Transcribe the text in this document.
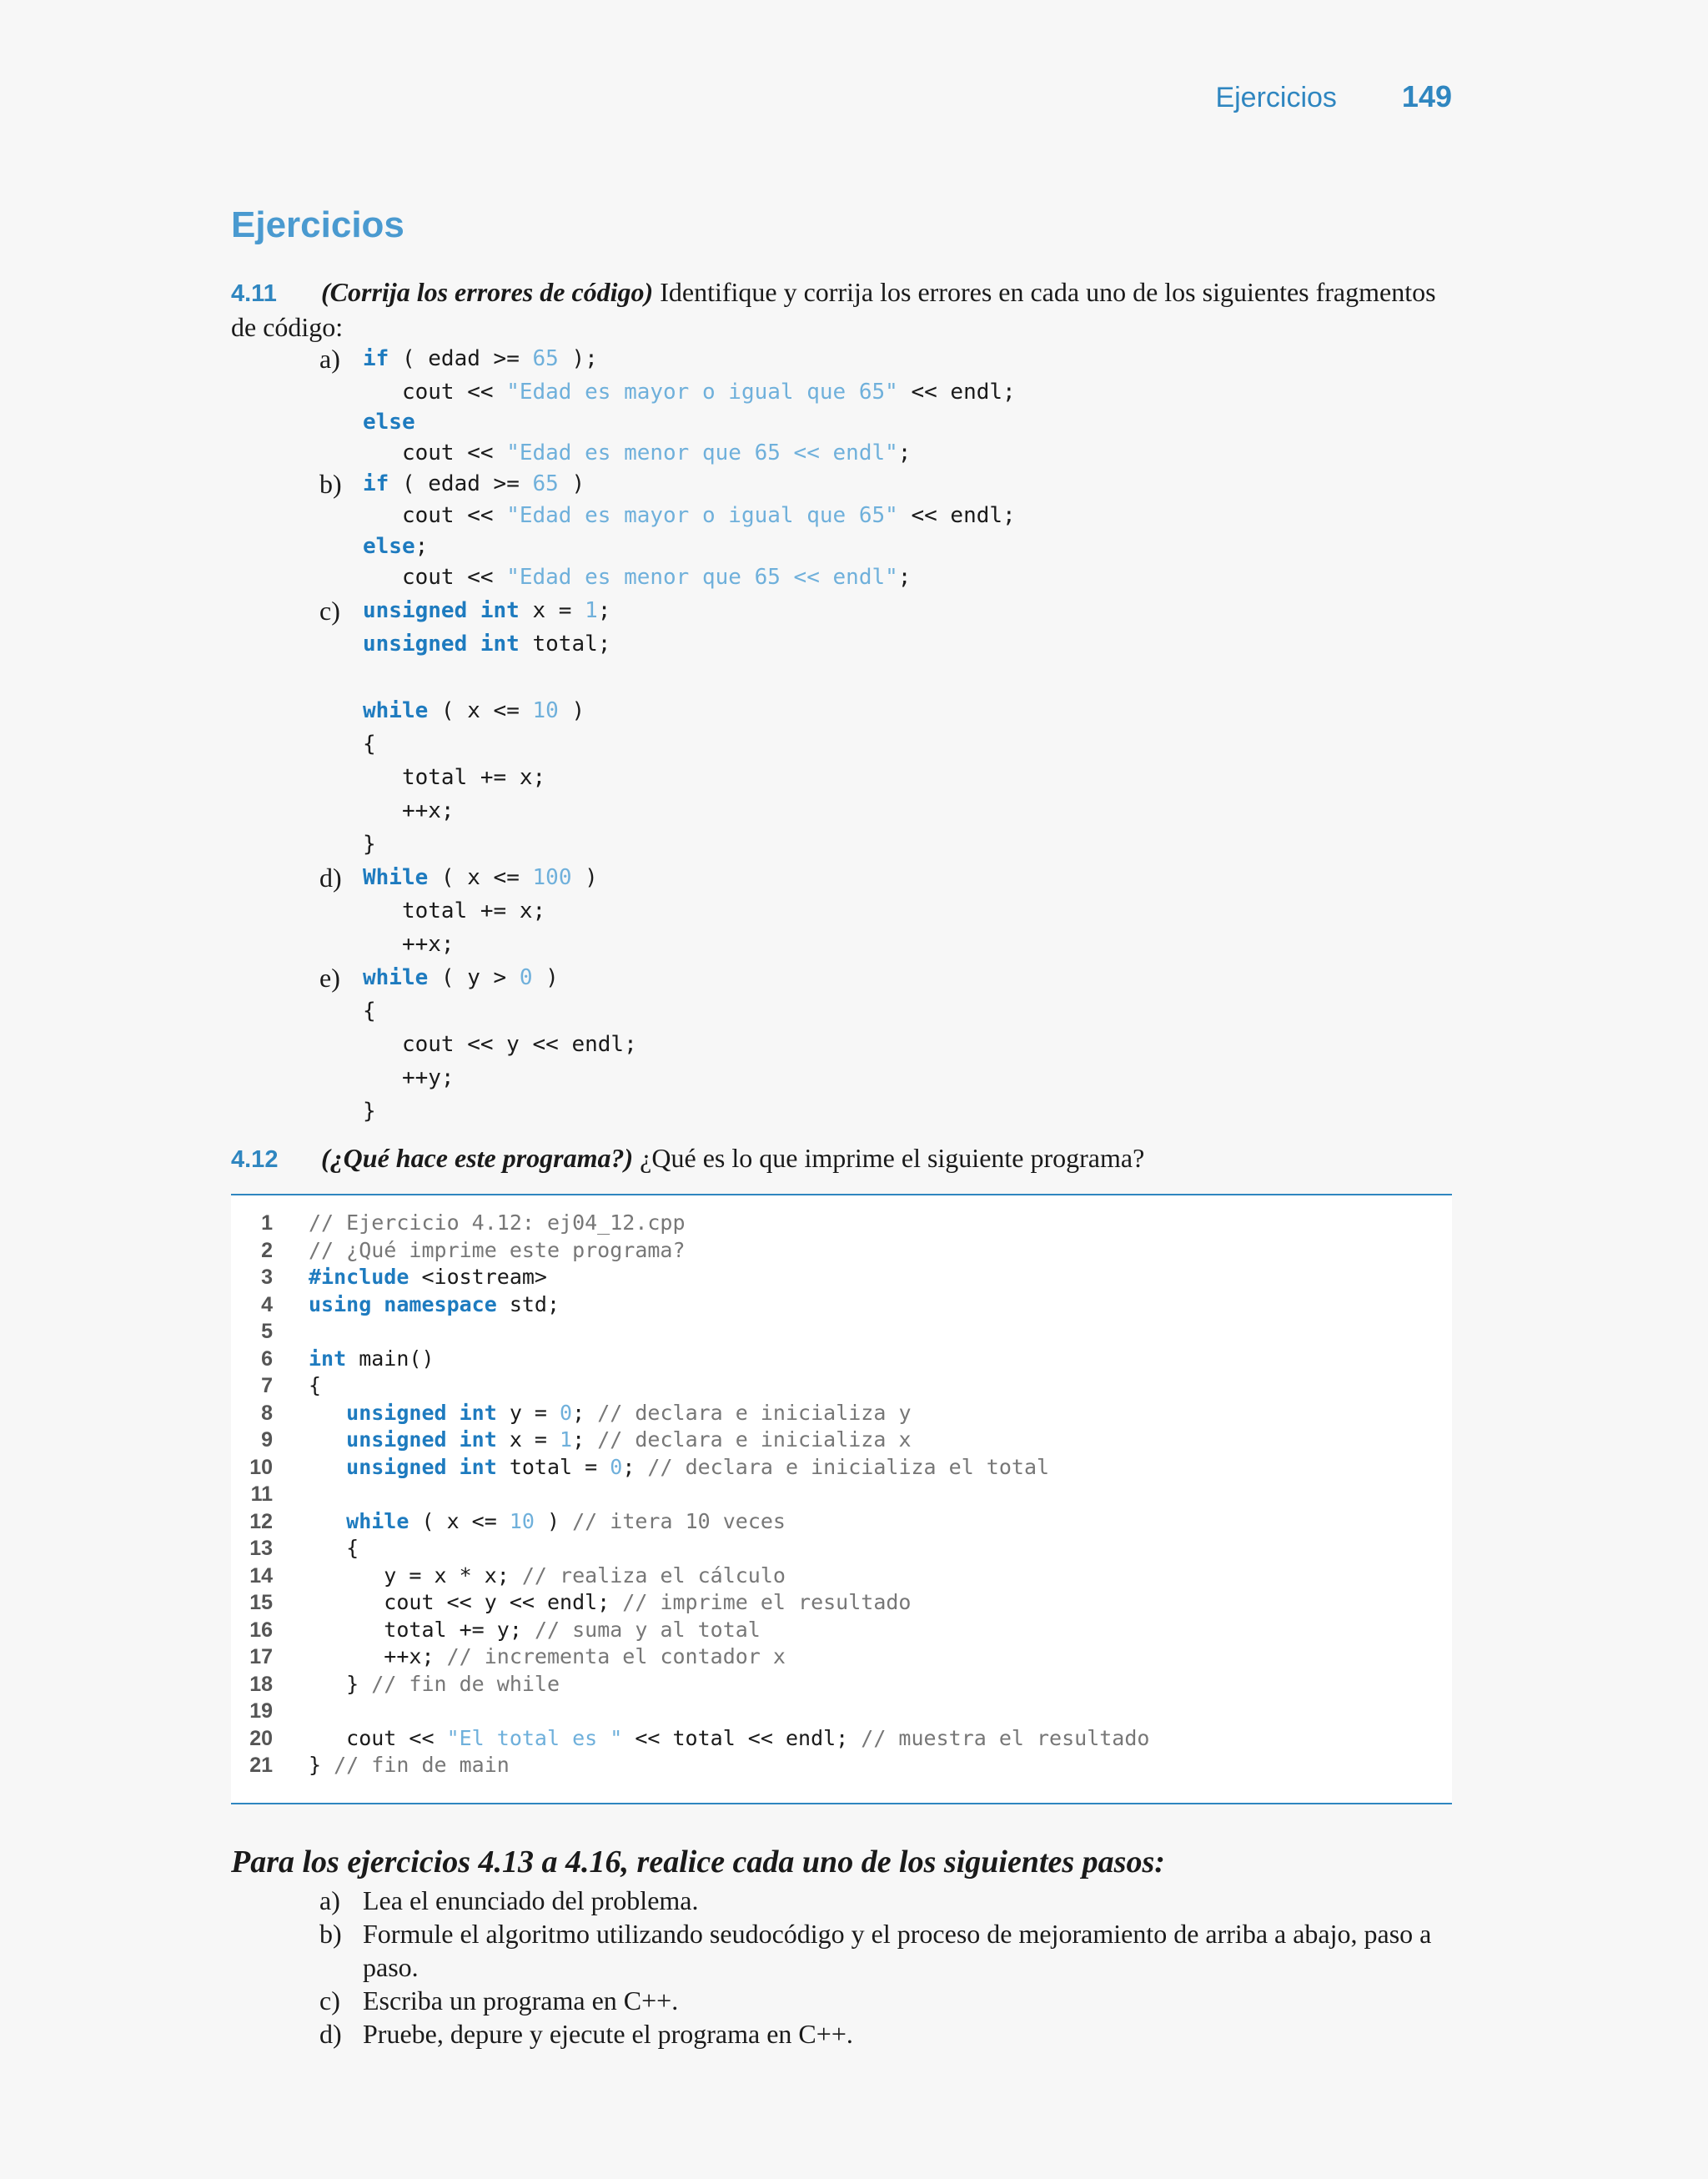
Ejercicios 149
Ejercicios
4.11 (Corrija los errores de código) Identifique y corrija los errores en cada uno de los siguientes fragmentos
de código:
a) if ( edad >= 65 );
cout << "Edad es mayor o igual que 65" << endl;
else
cout << "Edad es menor que 65 << endl";
b) if ( edad >= 65 )
cout << "Edad es mayor o igual que 65" << endl;
else;
cout << "Edad es menor que 65 << endl";
c) unsigned int x = 1;
unsigned int total;
while ( x <= 10 )
{
total += x;
++x;
}
d) While ( x <= 100 )
total += x;
++x;
e) while ( y > 0 )
{
cout << y << endl;
++y;
}
4.12 (¿Qué hace este programa?) ¿Qué es lo que imprime el siguiente programa?
1 // Ejercicio 4.12: ej04_12.cpp
2 // ¿Qué imprime este programa?
3 #include <iostream>
4 using namespace std;
5
6 int main()
7 {
8	unsigned int y = 0; // declara e inicializa y
9	unsigned int x = 1; // declara e inicializa x
10	unsigned int total = 0; // declara e inicializa el total
11
12	while ( x <= 10 ) // itera 10 veces
13 {
14 y = x * x; // realiza el cálculo
15 cout << y << endl; // imprime el resultado
16 total += y; // suma y al total
17 ++x; // incrementa el contador x
18 } // fin de while
19
20 cout << "El total es " << total << endl; // muestra el resultado
21 } // fin de main
Para los ejercicios 4.13 a 4.16, realice cada uno de los siguientes pasos:
a) Lea el enunciado del problema.
b) Formule el algoritmo utilizando seudocódigo y el proceso de mejoramiento de arriba a abajo, paso a paso.
c) Escriba un programa en C++.
d) Pruebe, depure y ejecute el programa en C++.
